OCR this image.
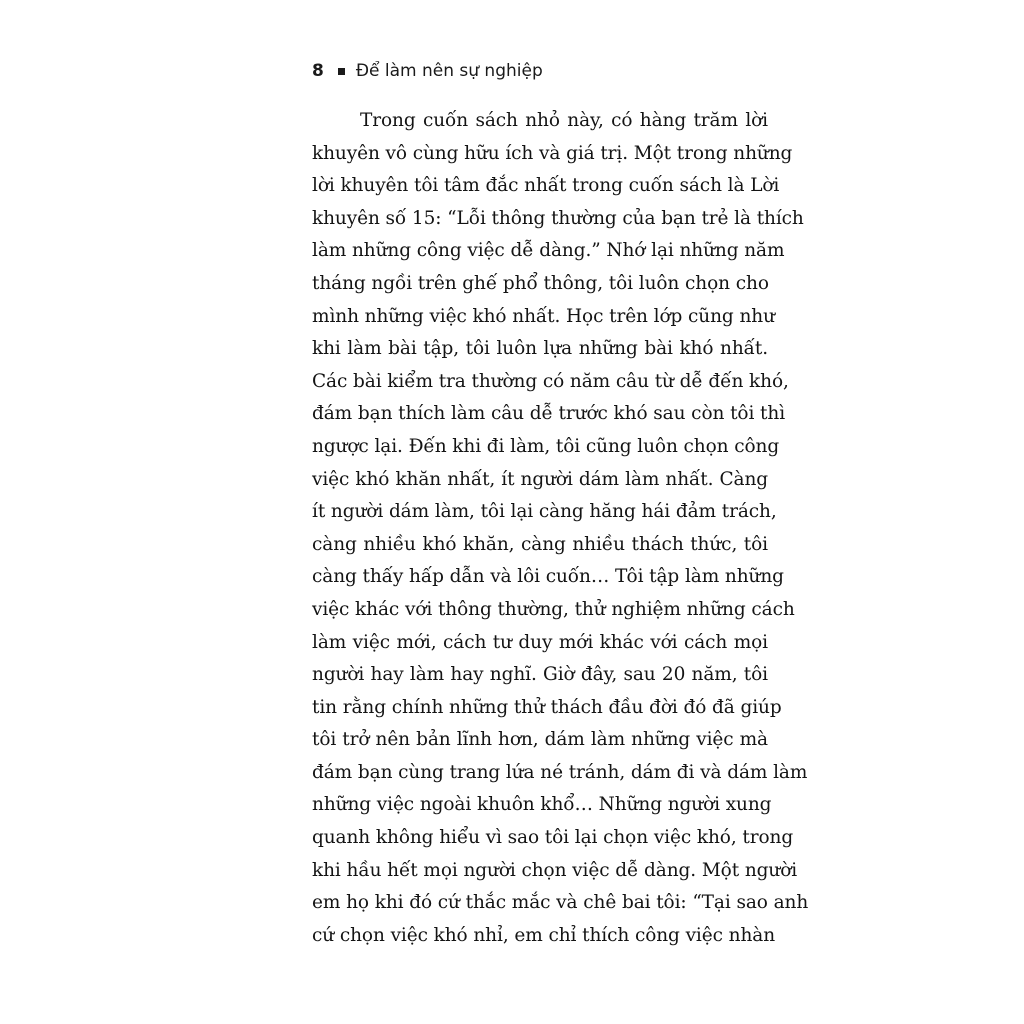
8 Để làm nên sự nghiệp
Trong cuốn sách nhỏ này, có hàng trăm lời
khuyên vô cùng hữu ích và giá trị. Một trong những
lời khuyên tôi tâm đắc nhất trong cuốn sách là Lời
khuyên số 15: “Lỗi thông thường của bạn trẻ là thích
làm những công việc dễ dàng.” Nhớ lại những năm
tháng ngồi trên ghế phổ thông, tôi luôn chọn cho
mình những việc khó nhất. Học trên lớp cũng như
khi làm bài tập, tôi luôn lựa những bài khó nhất.
Các bài kiểm tra thường có năm câu từ dễ đến khó,
đám bạn thích làm câu dễ trước khó sau còn tôi thì
ngược lại. Đến khi đi làm, tôi cũng luôn chọn công
việc khó khăn nhất, ít người dám làm nhất. Càng
ít người dám làm, tôi lại càng hăng hái đảm trách,
càng nhiều khó khăn, càng nhiều thách thức, tôi
càng thấy hấp dẫn và lôi cuốn… Tôi tập làm những
việc khác với thông thường, thử nghiệm những cách
làm việc mới, cách tư duy mới khác với cách mọi
người hay làm hay nghĩ. Giờ đây, sau 20 năm, tôi
tin rằng chính những thử thách đầu đời đó đã giúp
tôi trở nên bản lĩnh hơn, dám làm những việc mà
đám bạn cùng trang lứa né tránh, dám đi và dám làm
những việc ngoài khuôn khổ… Những người xung
quanh không hiểu vì sao tôi lại chọn việc khó, trong
khi hầu hết mọi người chọn việc dễ dàng. Một người
em họ khi đó cứ thắc mắc và chê bai tôi: “Tại sao anh
cứ chọn việc khó nhỉ, em chỉ thích công việc nhàn
